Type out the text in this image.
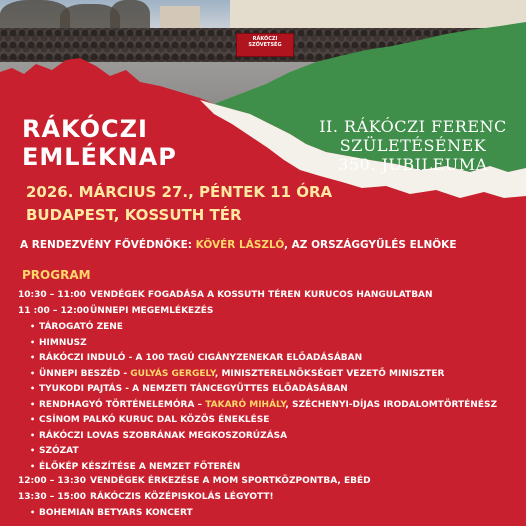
RÁKÓCZI SZÖVETSÉG
RÁKÓCZI
EMLÉKNAP
II. RÁKÓCZI FERENC
SZÜLETÉSÉNEK
350. JUBILEUMA
2026. MÁRCIUS 27., PÉNTEK 11 ÓRA
BUDAPEST, KOSSUTH TÉR
A RENDEZVÉNY FŐVÉDNÖKE: KÖVÉR LÁSZLÓ, AZ ORSZÁGGYŰLÉS ELNÖKE
PROGRAM
10:30 – 11:00 VENDÉGEK FOGADÁSA A KOSSUTH TÉREN KURUCOS HANGULATBAN
11 :00 – 12:00ÜNNEPI MEGEMLÉKEZÉS
• TÁROGATÓ ZENE
• HIMNUSZ
• RÁKÓCZI INDULÓ - A 100 TAGÚ CIGÁNYZENEKAR ELŐADÁSÁBAN
• ÜNNEPI BESZÉD - GULYÁS GERGELY, MINISZTERELNÖKSÉGET VEZETŐ MINISZTER
• TYUKODI PAJTÁS - A NEMZETI TÁNCEGYÜTTES ELŐADÁSÁBAN
• RENDHAGYÓ TÖRTÉNELEMÓRA – TAKARÓ MIHÁLY, SZÉCHENYI-DÍJAS IRODALOMTÖRTÉNÉSZ
• CSÍNOM PALKÓ KURUC DAL KÖZÖS ÉNEKLÉSE
• RÁKÓCZI LOVAS SZOBRÁNAK MEGKOSZORÚZÁSA
• SZÓZAT
• ÉLŐKÉP KÉSZÍTÉSE A NEMZET FŐTERÉN
12:00 – 13:30 VENDÉGEK ÉRKEZÉSE A MOM SPORTKÖZPONTBA, EBÉD
13:30 – 15:00 RÁKÓCZIS KÖZÉPISKOLÁS LÉGYOTT!
• BOHEMIAN BETYARS KONCERT
